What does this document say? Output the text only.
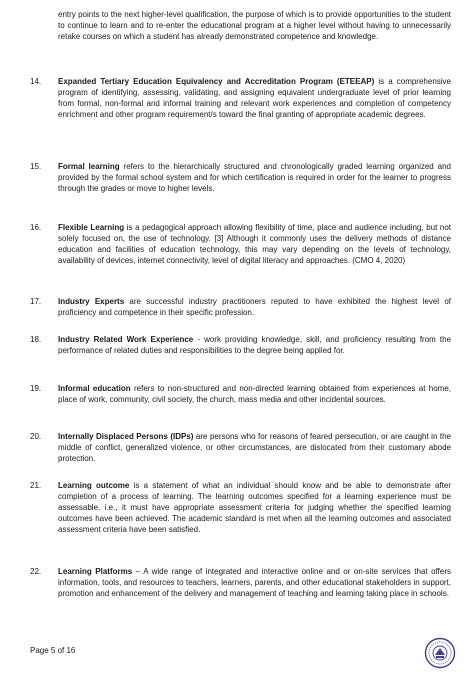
entry points to the next higher-level qualification, the purpose of which is to provide opportunities to the student to continue to learn and to re-enter the educational program at a higher level without having to unnecessarily retake courses on which a student has already demonstrated competence and knowledge.
14.	Expanded Tertiary Education Equivalency and Accreditation Program (ETEEAP) is a comprehensive program of identifying, assessing, validating, and assigning equivalent undergraduate level of prior learning from formal, non-formal and informal training and relevant work experiences and completion of competency enrichment and other program requirement/s toward the final granting of appropriate academic degrees.
15.	Formal learning refers to the hierarchically structured and chronologically graded learning organized and provided by the formal school system and for which certification is required in order for the learner to progress through the grades or move to higher levels.
16.	Flexible Learning is a pedagogical approach allowing flexibility of time, place and audience including, but not solely focused on, the use of technology. [3] Although it commonly uses the delivery methods of distance education and facilities of education technology, this may vary depending on the levels of technology, availability of devices, internet connectivity, level of digital literacy and approaches. (CMO 4, 2020)
17.	Industry Experts are successful industry practitioners reputed to have exhibited the highest level of proficiency and competence in their specific profession.
18.	Industry Related Work Experience - work providing knowledge, skill, and proficiency resulting from the performance of related duties and responsibilities to the degree being applied for.
19.	Informal education refers to non-structured and non-directed learning obtained from experiences at home, place of work, community, civil society, the church, mass media and other incidental sources.
20.	Internally Displaced Persons (IDPs) are persons who for reasons of feared persecution, or are caught in the middle of conflict, generalized violence, or other circumstances, are dislocated from their customary abode protection.
21.	Learning outcome is a statement of what an individual should know and be able to demonstrate after completion of a process of learning. The learning outcomes specified for a learning experience must be assessable, i.e., it must have appropriate assessment criteria for judging whether the specified learning outcomes have been achieved. The academic standard is met when all the learning outcomes and associated assessment criteria have been satisfied.
22.	Learning Platforms – A wide range of integrated and interactive online and or on-site services that offers information, tools, and resources to teachers, learners, parents, and other educational stakeholders in support, promotion and enhancement of the delivery and management of teaching and learning taking place in schools.
Page 5 of 16
